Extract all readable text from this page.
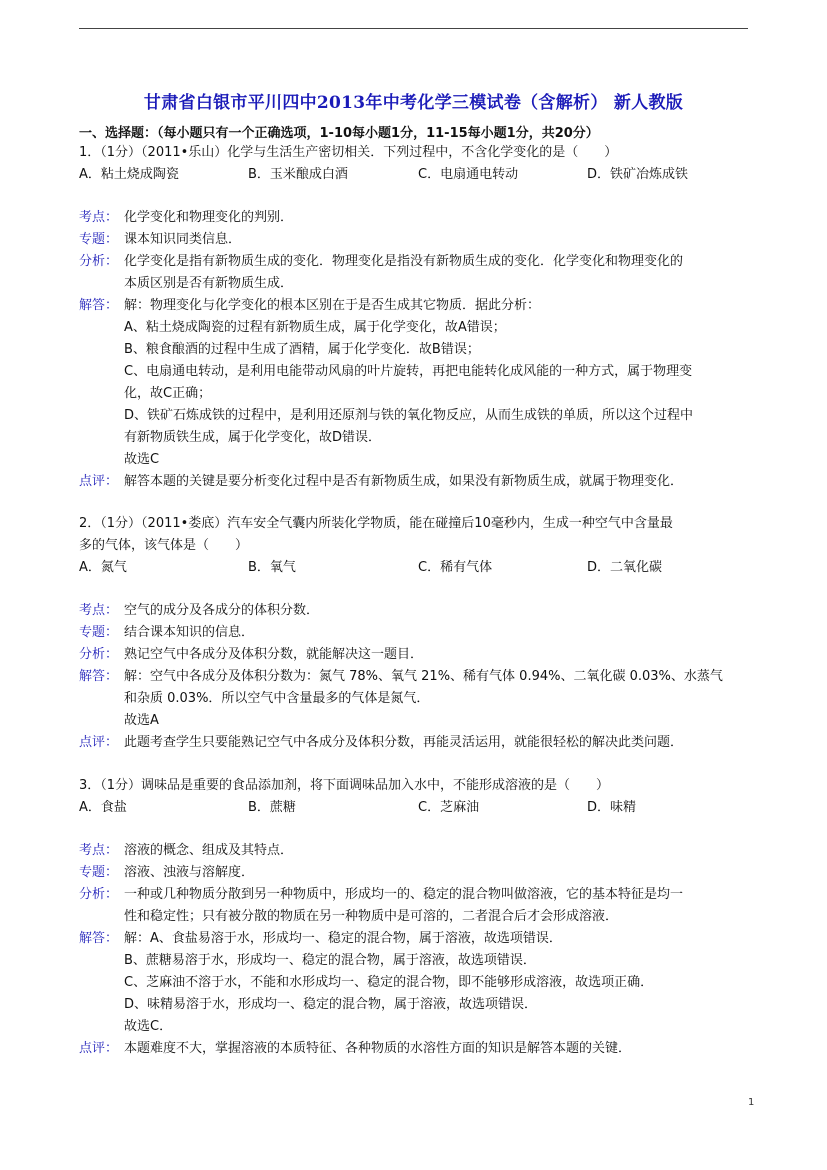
甘肃省白银市平川四中2013年中考化学三模试卷（含解析） 新人教版
一、选择题：（每小题只有一个正确选项，1-10每小题1分，11-15每小题1分，共20分）
1．（1分）（2011•乐山）化学与生活生产密切相关．下列过程中，不含化学变化的是（　　）
A．粘土烧成陶瓷	B．玉米酿成白酒	C．电扇通电转动	D．铁矿冶炼成铁
考点： 化学变化和物理变化的判别．
专题： 课本知识同类信息．
分析： 化学变化是指有新物质生成的变化．物理变化是指没有新物质生成的变化．化学变化和物理变化的
本质区别是否有新物质生成．
解答： 解：物理变化与化学变化的根本区别在于是否生成其它物质．据此分析：
A、粘土烧成陶瓷的过程有新物质生成，属于化学变化，故A错误；
B、粮食酿酒的过程中生成了酒精，属于化学变化．故B错误；
C、电扇通电转动，是利用电能带动风扇的叶片旋转，再把电能转化成风能的一种方式，属于物理变
化，故C正确；
D、铁矿石炼成铁的过程中，是利用还原剂与铁的氧化物反应，从而生成铁的单质，所以这个过程中
有新物质铁生成，属于化学变化，故D错误．
故选C
点评： 解答本题的关键是要分析变化过程中是否有新物质生成，如果没有新物质生成，就属于物理变化．
2．（1分）（2011•娄底）汽车安全气囊内所装化学物质，能在碰撞后10毫秒内，生成一种空气中含量最
多的气体，该气体是（　　）
A．氮气	B．氧气	C．稀有气体	D．二氧化碳
考点： 空气的成分及各成分的体积分数．
专题： 结合课本知识的信息．
分析： 熟记空气中各成分及体积分数，就能解决这一题目．
解答： 解：空气中各成分及体积分数为：氮气 78%、氧气 21%、稀有气体 0.94%、二氧化碳 0.03%、水蒸气
和杂质 0.03%．所以空气中含量最多的气体是氮气．
故选A
点评： 此题考查学生只要能熟记空气中各成分及体积分数，再能灵活运用，就能很轻松的解决此类问题．
3．（1分）调味品是重要的食品添加剂，将下面调味品加入水中，不能形成溶液的是（　　）
A．食盐	B．蔗糖	C．芝麻油	D．味精
考点： 溶液的概念、组成及其特点．
专题： 溶液、浊液与溶解度．
分析： 一种或几种物质分散到另一种物质中，形成均一的、稳定的混合物叫做溶液，它的基本特征是均一
性和稳定性；只有被分散的物质在另一种物质中是可溶的，二者混合后才会形成溶液．
解答： 解：A、食盐易溶于水，形成均一、稳定的混合物，属于溶液，故选项错误．
B、蔗糖易溶于水，形成均一、稳定的混合物，属于溶液，故选项错误．
C、芝麻油不溶于水，不能和水形成均一、稳定的混合物，即不能够形成溶液，故选项正确．
D、味精易溶于水，形成均一、稳定的混合物，属于溶液，故选项错误．
故选C．
点评： 本题难度不大，掌握溶液的本质特征、各种物质的水溶性方面的知识是解答本题的关键．
1
